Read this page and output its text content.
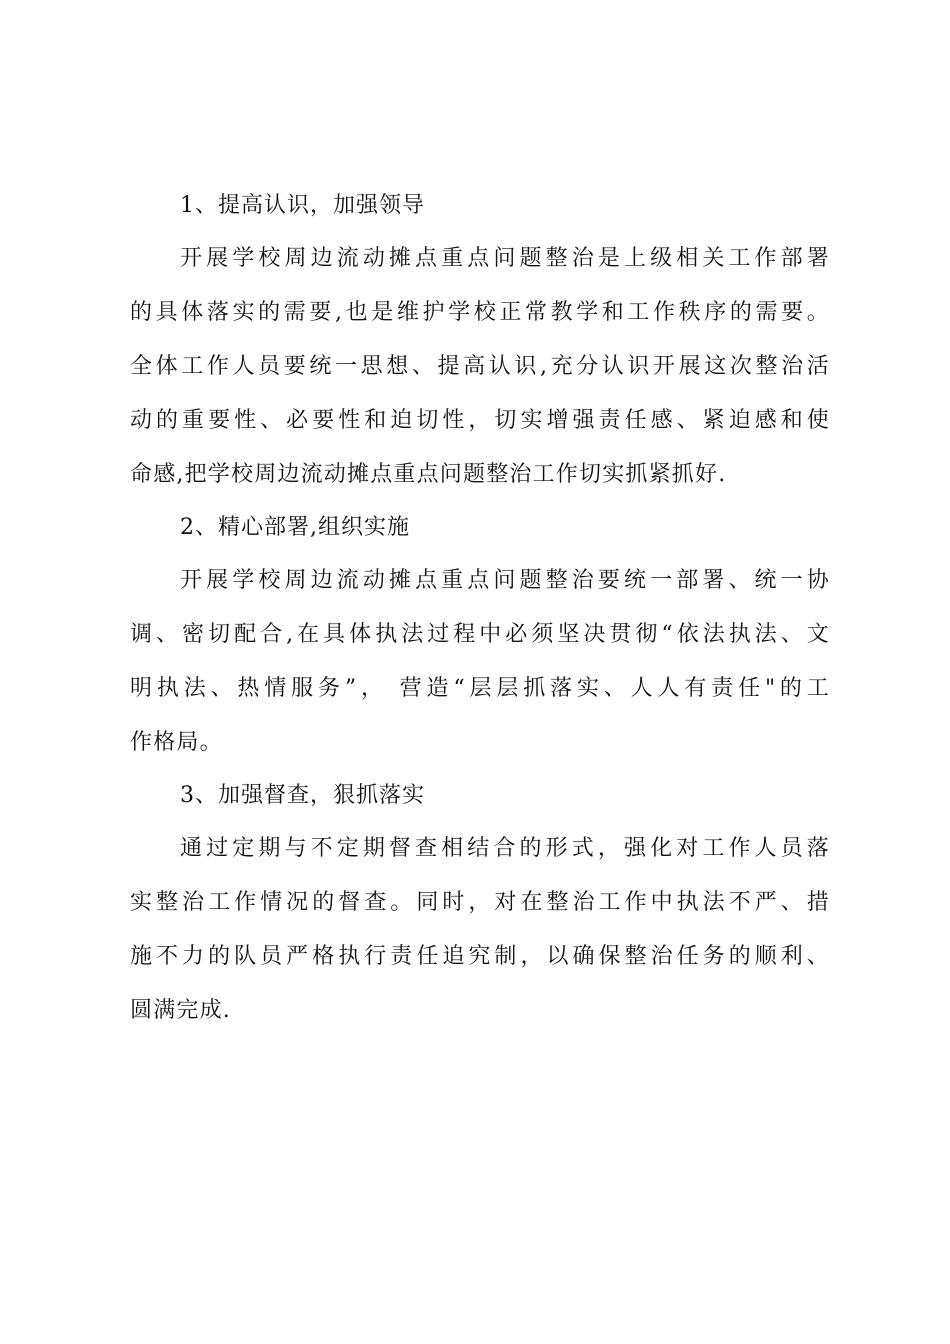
1、提高认识，加强领导

开展学校周边流动摊点重点问题整治是上级相关工作部署
的具体落实的需要,也是维护学校正常教学和工作秩序的需要。
全体工作人员要统一思想、提高认识,充分认识开展这次整治活
动的重要性、必要性和迫切性，切实增强责任感、紧迫感和使
命感,把学校周边流动摊点重点问题整治工作切实抓紧抓好.

2、精心部署,组织实施

开展学校周边流动摊点重点问题整治要统一部署、统一协
调、密切配合,在具体执法过程中必须坚决贯彻“依法执法、文
明执法、热情服务”， 营造“层层抓落实、人人有责任"的工
作格局。

3、加强督查，狠抓落实

通过定期与不定期督查相结合的形式，强化对工作人员落
实整治工作情况的督查。同时，对在整治工作中执法不严、措
施不力的队员严格执行责任追究制，以确保整治任务的顺利、
圆满完成.
